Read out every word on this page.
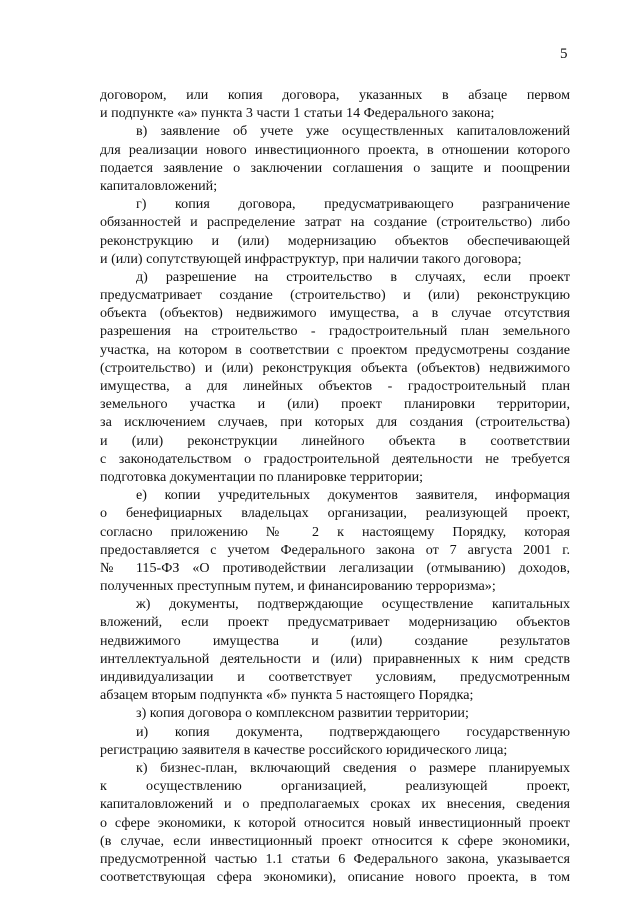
5
договором, или копия договора, указанных в абзаце первом
и подпункте «а» пункта 3 части 1 статьи 14 Федерального закона;
в) заявление об учете уже осуществленных капиталовложений
для реализации нового инвестиционного проекта, в отношении которого
подается заявление о заключении соглашения о защите и поощрении
капиталовложений;
г) копия договора, предусматривающего разграничение
обязанностей и распределение затрат на создание (строительство) либо
реконструкцию и (или) модернизацию объектов обеспечивающей
и (или) сопутствующей инфраструктур, при наличии такого договора;
д) разрешение на строительство в случаях, если проект
предусматривает создание (строительство) и (или) реконструкцию
объекта (объектов) недвижимого имущества, а в случае отсутствия
разрешения на строительство - градостроительный план земельного
участка, на котором в соответствии с проектом предусмотрены создание
(строительство) и (или) реконструкция объекта (объектов) недвижимого
имущества, а для линейных объектов - градостроительный план
земельного участка и (или) проект планировки территории,
за исключением случаев, при которых для создания (строительства)
и (или) реконструкции линейного объекта в соответствии
с законодательством о градостроительной деятельности не требуется
подготовка документации по планировке территории;
е) копии учредительных документов заявителя, информация
о бенефициарных владельцах организации, реализующей проект,
согласно приложению № 2 к настоящему Порядку, которая
предоставляется с учетом Федерального закона от 7 августа 2001 г.
№ 115-ФЗ «О противодействии легализации (отмыванию) доходов,
полученных преступным путем, и финансированию терроризма»;
ж) документы, подтверждающие осуществление капитальных
вложений, если проект предусматривает модернизацию объектов
недвижимого имущества и (или) создание результатов
интеллектуальной деятельности и (или) приравненных к ним средств
индивидуализации и соответствует условиям, предусмотренным
абзацем вторым подпункта «б» пункта 5 настоящего Порядка;
з) копия договора о комплексном развитии территории;
и) копия документа, подтверждающего государственную
регистрацию заявителя в качестве российского юридического лица;
к) бизнес-план, включающий сведения о размере планируемых
к осуществлению организацией, реализующей проект,
капиталовложений и о предполагаемых сроках их внесения, сведения
о сфере экономики, к которой относится новый инвестиционный проект
(в случае, если инвестиционный проект относится к сфере экономики,
предусмотренной частью 1.1 статьи 6 Федерального закона, указывается
соответствующая сфера экономики), описание нового проекта, в том
